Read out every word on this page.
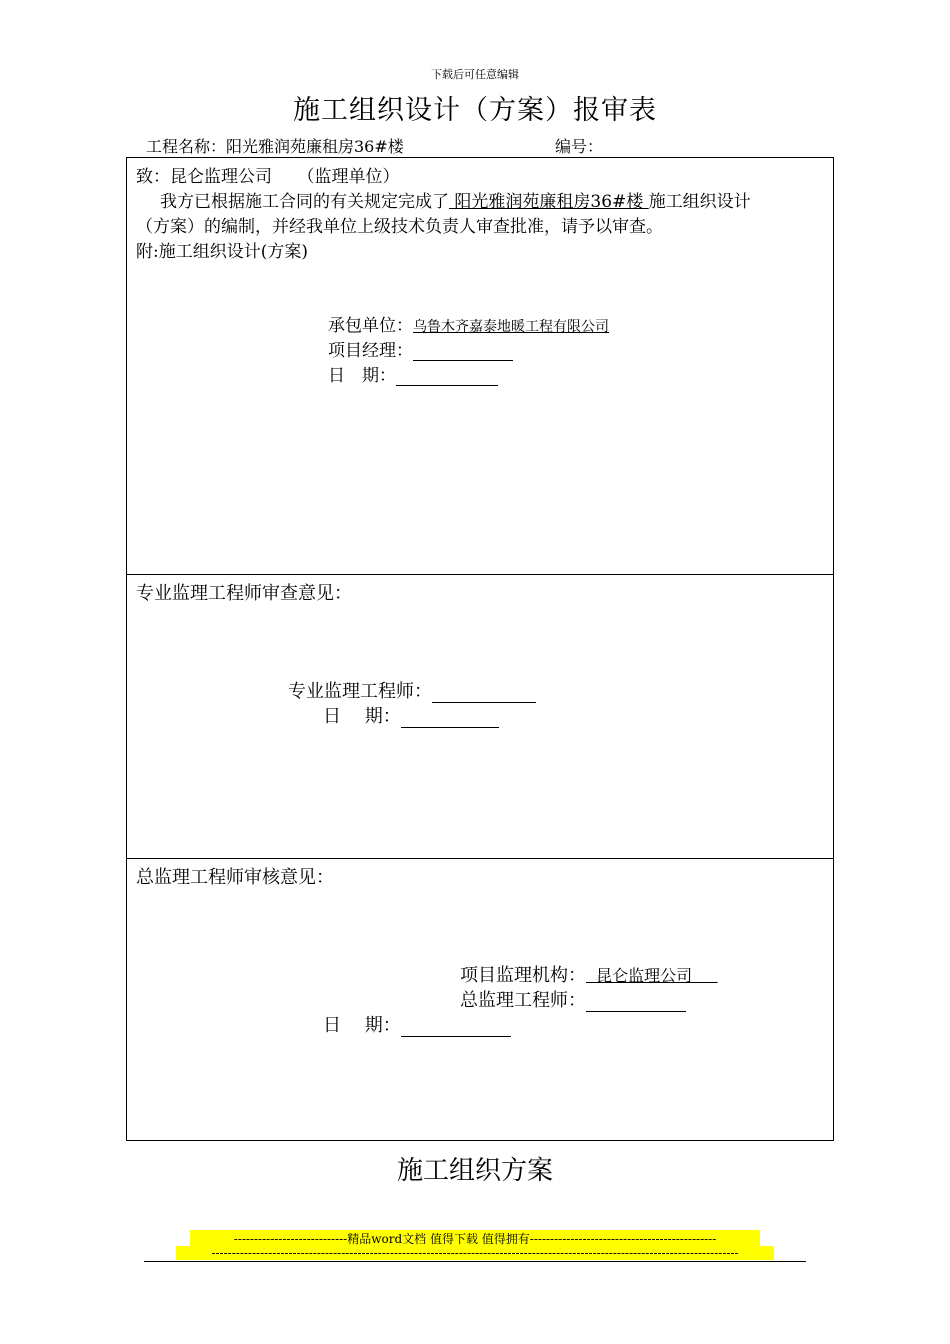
下载后可任意编辑
施工组织设计（方案）报审表
工程名称：阳光雅润苑廉租房36#楼	编号：
致：昆仑监理公司　　（监理单位）
我方已根据施工合同的有关规定完成了 阳光雅润苑廉租房36#楼 施工组织设计
（方案）的编制，并经我单位上级技术负责人审查批准，请予以审查。
附:施工组织设计(方案)
承包单位：乌鲁木齐嘉泰地暖工程有限公司
项目经理：
日　期：
专业监理工程师审查意见：
专业监理工程师：
日　 期：
总监理工程师审核意见：
项目监理机构：  昆仑监理公司
总监理工程师：
日　 期：
施工组织方案
----------------------------精品word文档 值得下载 值得拥有----------------------------------------------
----------------------------------------------------------------------------------------------------------------------------------
